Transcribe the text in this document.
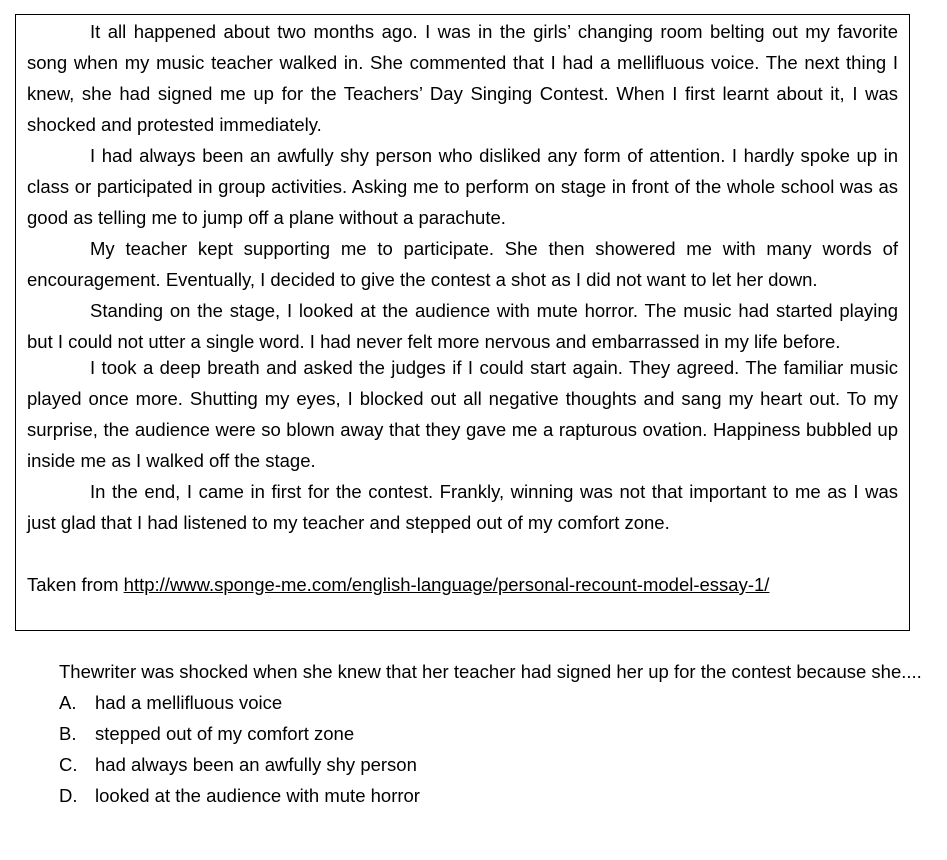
It all happened about two months ago. I was in the girls’ changing room belting out my favorite song when my music teacher walked in. She commented that I had a mellifluous voice. The next thing I knew, she had signed me up for the Teachers’ Day Singing Contest. When I first learnt about it, I was shocked and protested immediately.

I had always been an awfully shy person who disliked any form of attention. I hardly spoke up in class or participated in group activities. Asking me to perform on stage in front of the whole school was as good as telling me to jump off a plane without a parachute.

My teacher kept supporting me to participate. She then showered me with many words of encouragement. Eventually, I decided to give the contest a shot as I did not want to let her down.

Standing on the stage, I looked at the audience with mute horror. The music had started playing but I could not utter a single word. I had never felt more nervous and embarrassed in my life before.

I took a deep breath and asked the judges if I could start again. They agreed. The familiar music played once more. Shutting my eyes, I blocked out all negative thoughts and sang my heart out. To my surprise, the audience were so blown away that they gave me a rapturous ovation. Happiness bubbled up inside me as I walked off the stage.

In the end, I came in first for the contest. Frankly, winning was not that important to me as I was just glad that I had listened to my teacher and stepped out of my comfort zone.

Taken from http://www.sponge-me.com/english-language/personal-recount-model-essay-1/

Thewriter was shocked when she knew that her teacher had signed her up for the contest because she....

A.	had a mellifluous voice
B.	stepped out of my comfort zone
C. had always been an awfully shy person
D. looked at the audience with mute horror
